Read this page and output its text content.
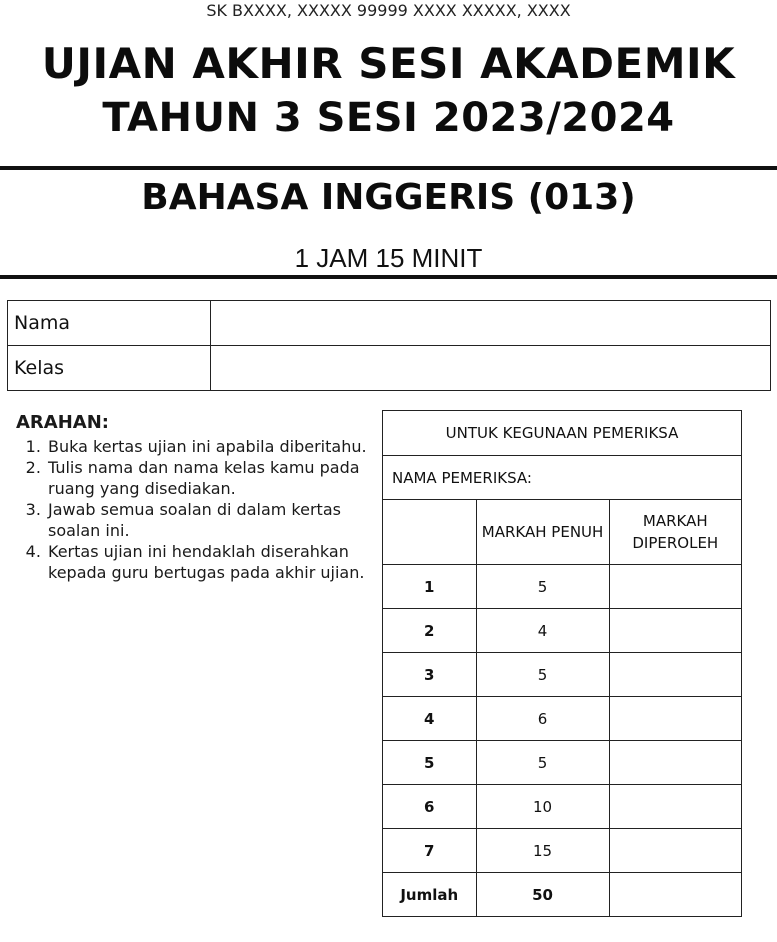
SK BXXXX, XXXXX 99999 XXXX XXXXX, XXXX
UJIAN AKHIR SESI AKADEMIK
TAHUN 3 SESI 2023/2024
BAHASA INGGERIS (013)
1 JAM 15 MINIT
Nama	
Kelas	
ARAHAN:
1. Buka kertas ujian ini apabila diberitahu.
2. Tulis nama dan nama kelas kamu pada ruang yang disediakan.
3. Jawab semua soalan di dalam kertas soalan ini.
4. Kertas ujian ini hendaklah diserahkan kepada guru bertugas pada akhir ujian.
UNTUK KEGUNAAN PEMERIKSA		
NAMA PEMERIKSA:		
	MARKAH PENUH	MARKAH DIPEROLEH
1	5	
2	4	
3	5	
4	6	
5	5	
6	10	
7	15	
Jumlah	50	
